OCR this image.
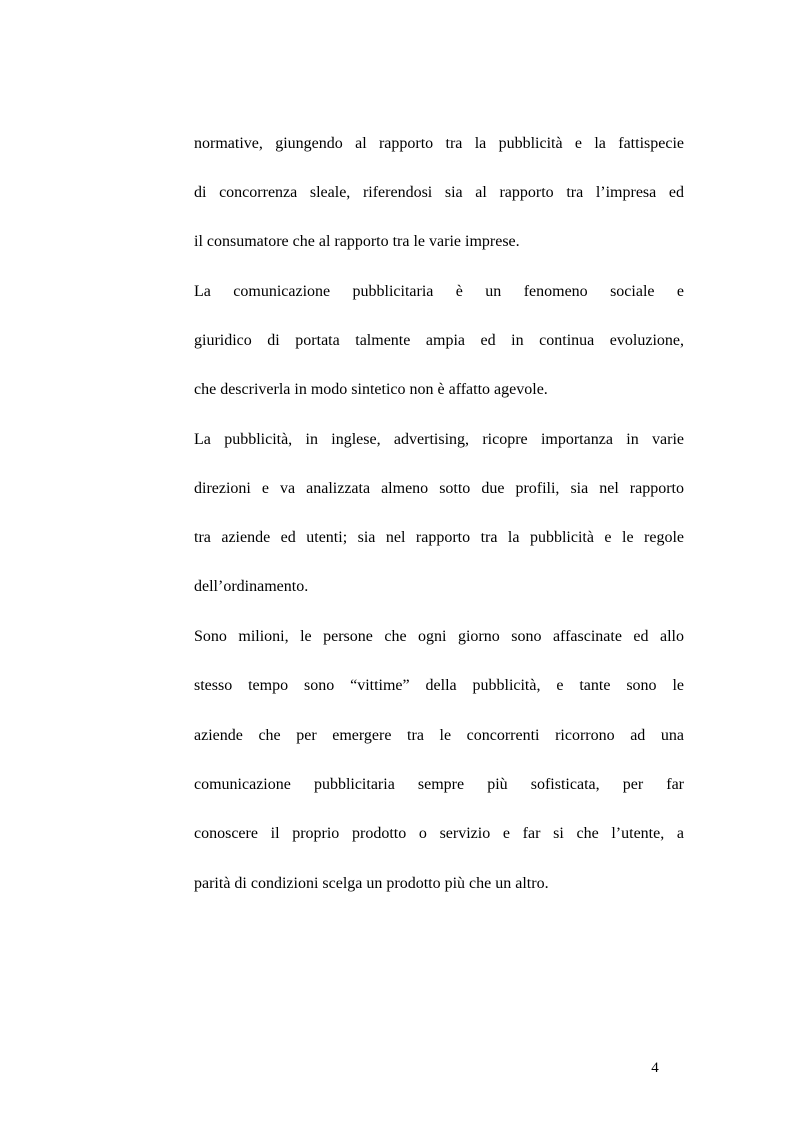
normative, giungendo al rapporto tra la pubblicità e la fattispecie
di concorrenza sleale, riferendosi sia al rapporto tra l’impresa ed
il consumatore che al rapporto tra le varie imprese.
La comunicazione pubblicitaria è un fenomeno sociale e
giuridico di portata talmente ampia ed in continua evoluzione,
che descriverla in modo sintetico non è affatto agevole.
La pubblicità, in inglese, advertising, ricopre importanza in varie
direzioni e va analizzata almeno sotto due profili, sia nel rapporto
tra aziende ed utenti; sia nel rapporto tra la pubblicità e le regole
dell’ordinamento.
Sono milioni, le persone che ogni giorno sono affascinate ed allo
stesso tempo sono “vittime” della pubblicità, e tante sono le
aziende che per emergere tra le concorrenti ricorrono ad una
comunicazione pubblicitaria sempre più sofisticata, per far
conoscere il proprio prodotto o servizio e far si che l’utente, a
parità di condizioni scelga un prodotto più che un altro.
4
